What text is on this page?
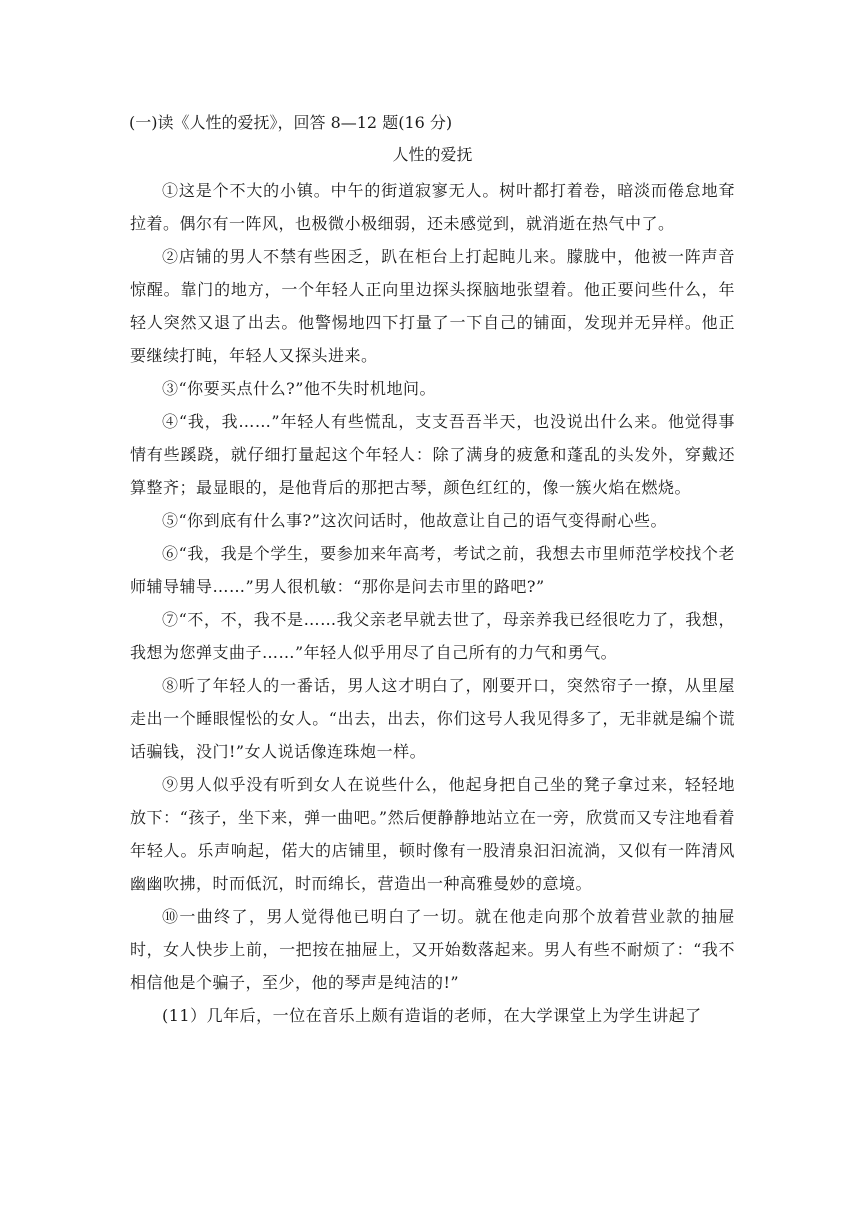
(一)读《人性的爱抚》，回答 8—12 题(16 分)
人性的爱抚

①这是个不大的小镇。中午的街道寂寥无人。树叶都打着卷，暗淡而倦怠地耷拉着。偶尔有一阵风，也极微小极细弱，还未感觉到，就消逝在热气中了。

②店铺的男人不禁有些困乏，趴在柜台上打起盹儿来。朦胧中，他被一阵声音惊醒。靠门的地方，一个年轻人正向里边探头探脑地张望着。他正要问些什么，年轻人突然又退了出去。他警惕地四下打量了一下自己的铺面，发现并无异样。他正要继续打盹，年轻人又探头进来。

③“你要买点什么?”他不失时机地问。

④“我，我……”年轻人有些慌乱，支支吾吾半天，也没说出什么来。他觉得事情有些蹊跷，就仔细打量起这个年轻人：除了满身的疲惫和蓬乱的头发外，穿戴还算整齐；最显眼的，是他背后的那把古琴，颜色红红的，像一簇火焰在燃烧。

⑤“你到底有什么事?”这次问话时，他故意让自己的语气变得耐心些。

⑥“我，我是个学生，要参加来年高考，考试之前，我想去市里师范学校找个老师辅导辅导……”男人很机敏：“那你是问去市里的路吧?”

⑦“不，不，我不是……我父亲老早就去世了，母亲养我已经很吃力了，我想，我想为您弹支曲子……”年轻人似乎用尽了自己所有的力气和勇气。

⑧听了年轻人的一番话，男人这才明白了，刚要开口，突然帘子一撩，从里屋走出一个睡眼惺忪的女人。“出去，出去，你们这号人我见得多了，无非就是编个谎话骗钱，没门!”女人说话像连珠炮一样。

⑨男人似乎没有听到女人在说些什么，他起身把自己坐的凳子拿过来，轻轻地放下：“孩子，坐下来，弹一曲吧。”然后便静静地站立在一旁，欣赏而又专注地看着年轻人。乐声响起，偌大的店铺里，顿时像有一股清泉汩汩流淌，又似有一阵清风幽幽吹拂，时而低沉，时而绵长，营造出一种高雅曼妙的意境。

⑩一曲终了，男人觉得他已明白了一切。就在他走向那个放着营业款的抽屉时，女人快步上前，一把按在抽屉上，又开始数落起来。男人有些不耐烦了：“我不相信他是个骗子，至少，他的琴声是纯洁的!”

(11）几年后，一位在音乐上颇有造诣的老师，在大学课堂上为学生讲起了
